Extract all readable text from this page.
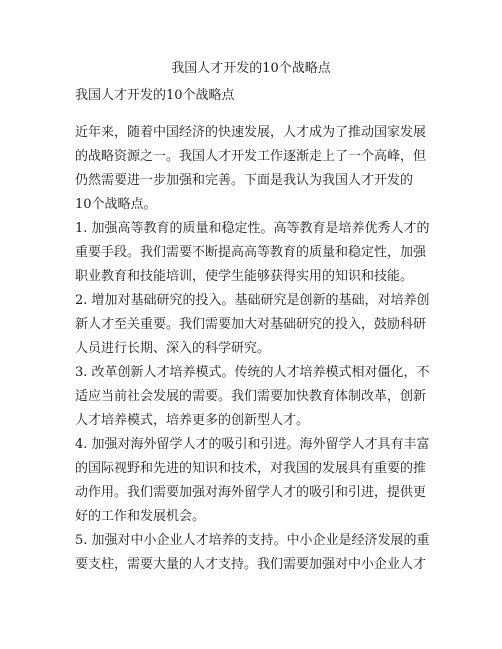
我国人才开发的10个战略点
我国人才开发的10个战略点
近年来，随着中国经济的快速发展，人才成为了推动国家发展
的战略资源之一。我国人才开发工作逐渐走上了一个高峰，但
仍然需要进一步加强和完善。下面是我认为我国人才开发的
10个战略点。
1. 加强高等教育的质量和稳定性。高等教育是培养优秀人才的
重要手段。我们需要不断提高高等教育的质量和稳定性，加强
职业教育和技能培训，使学生能够获得实用的知识和技能。
2. 增加对基础研究的投入。基础研究是创新的基础，对培养创
新人才至关重要。我们需要加大对基础研究的投入，鼓励科研
人员进行长期、深入的科学研究。
3. 改革创新人才培养模式。传统的人才培养模式相对僵化，不
适应当前社会发展的需要。我们需要加快教育体制改革，创新
人才培养模式，培养更多的创新型人才。
4. 加强对海外留学人才的吸引和引进。海外留学人才具有丰富
的国际视野和先进的知识和技术，对我国的发展具有重要的推
动作用。我们需要加强对海外留学人才的吸引和引进，提供更
好的工作和发展机会。
5. 加强对中小企业人才培养的支持。中小企业是经济发展的重
要支柱，需要大量的人才支持。我们需要加强对中小企业人才
